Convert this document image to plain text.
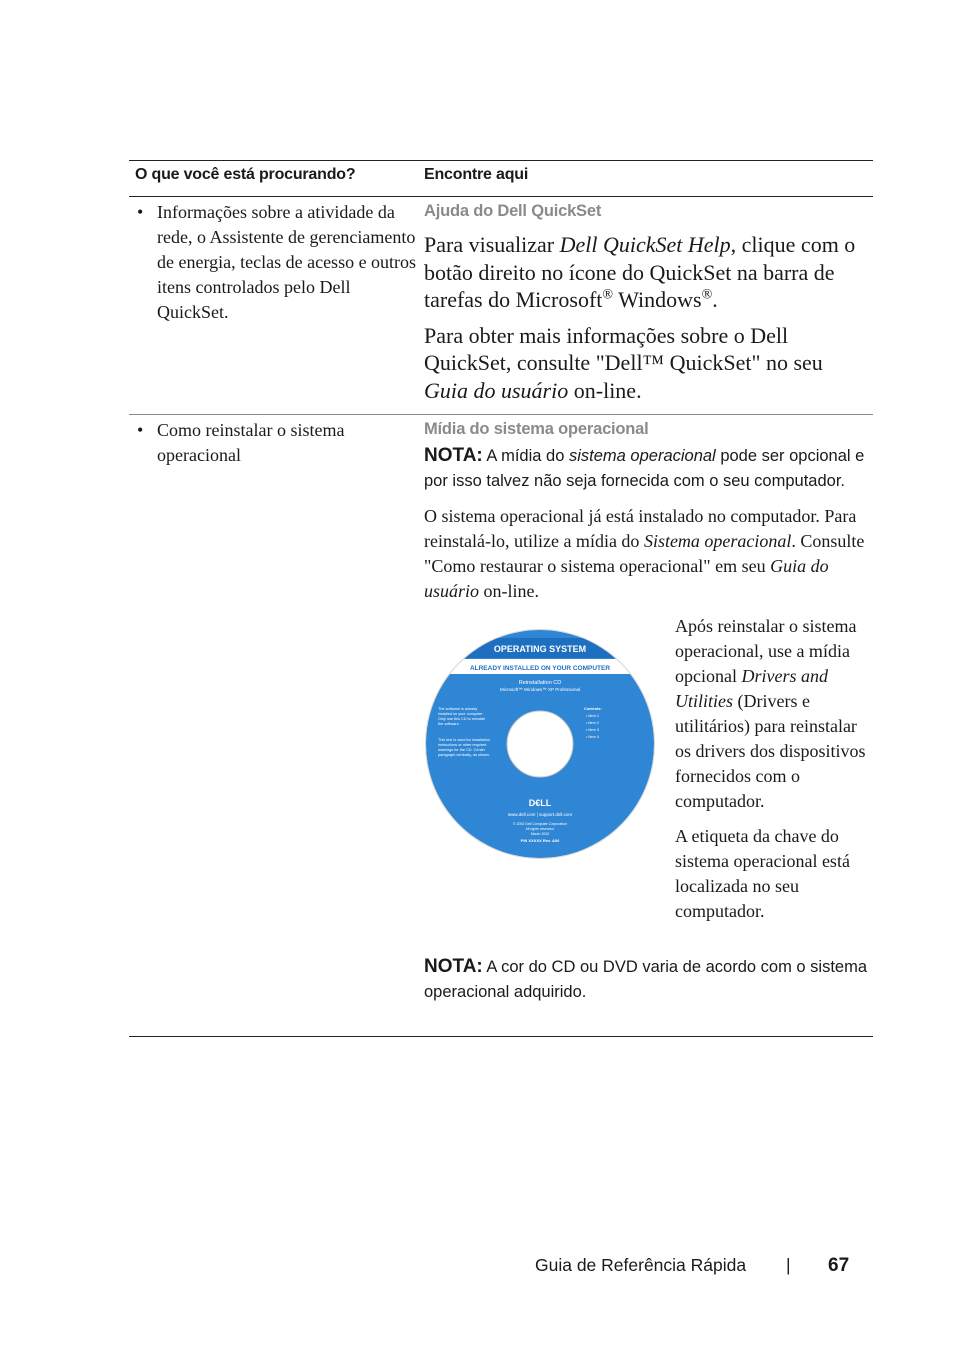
O que você está procurando?	Encontre aqui
• Informações sobre a atividade da rede, o Assistente de gerenciamento de energia, teclas de acesso e outros itens controlados pelo Dell QuickSet.
Ajuda do Dell QuickSet

Para visualizar Dell QuickSet Help, clique com o botão direito no ícone do QuickSet na barra de tarefas do Microsoft® Windows®.

Para obter mais informações sobre o Dell QuickSet, consulte "Dell™ QuickSet" no seu Guia do usuário on-line.

• Como reinstalar o sistema operacional
Mídia do sistema operacional

NOTA: A mídia do sistema operacional pode ser opcional e por isso talvez não seja fornecida com o seu computador.

O sistema operacional já está instalado no computador. Para reinstalá-lo, utilize a mídia do Sistema operacional. Consulte "Como restaurar o sistema operacional" em seu Guia do usuário on-line.

OPERATING SYSTEM
ALREADY INSTALLED ON YOUR COMPUTER
Reinstallation CD
Microsoft™ Windows™ XP Professional
D€LL
www.dell.com | support.dell.com
© 2002 Dell Computer Corporation
All rights reserved.
March 2002
P/N XXXXX Rev. A00
The software is already
installed on your computer.
Only use this CD to reinstall
the software.
This text is used for installation
instructions or other required
warnings for the CD. Center
paragraph vertically, as shown.
Contents:
• Item 1
• Item 2
• Item 3
• Item 4

Após reinstalar o sistema operacional, use a mídia opcional Drivers and Utilities (Drivers e utilitários) para reinstalar os drivers dos dispositivos fornecidos com o computador.

A etiqueta da chave do sistema operacional está localizada no seu computador.

NOTA: A cor do CD ou DVD varia de acordo com o sistema operacional adquirido.

Guia de Referência Rápida | 67
